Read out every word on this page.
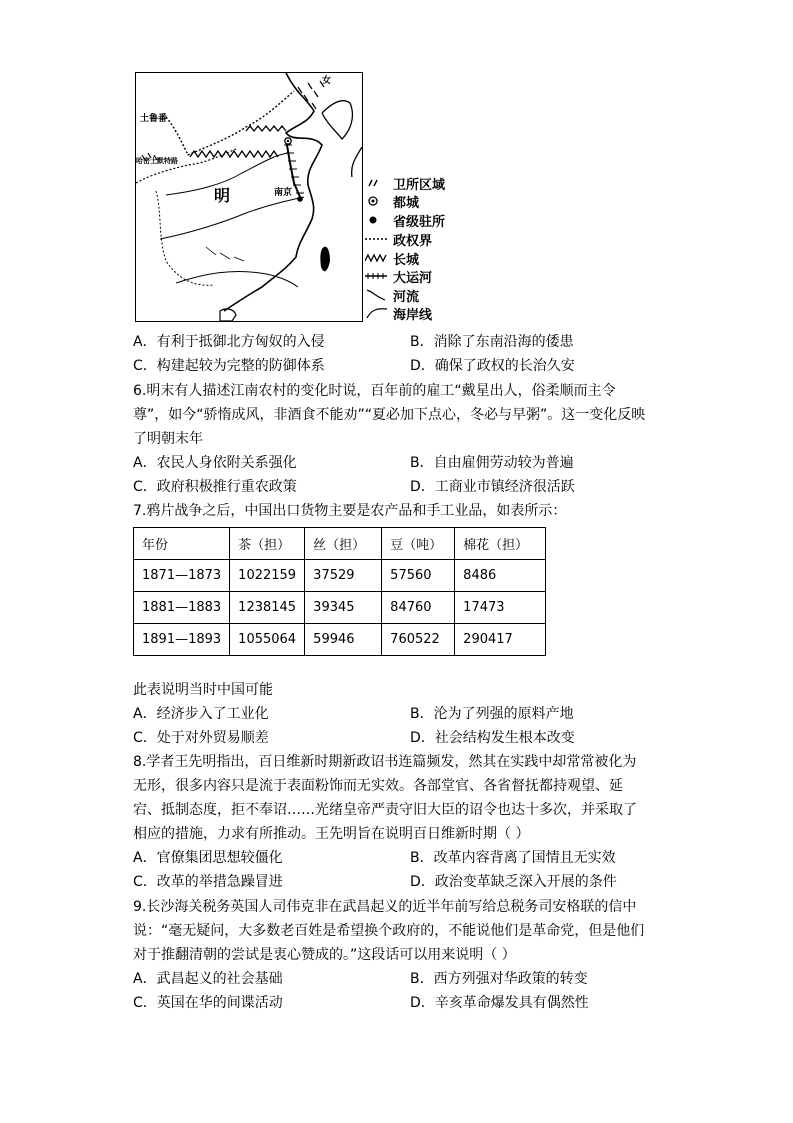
土鲁番
哈密土默特路
明	南京
女
卫所区域
都城
省级驻所
政权界
长城
大运河
河流
海岸线
A．有利于抵御北方匈奴的入侵	B．消除了东南沿海的倭患
C．构建起较为完整的防御体系	D．确保了政权的长治久安
6.明末有人描述江南农村的变化时说，百年前的雇工“戴星出人，俗柔顺而主令
尊”，如今“骄惰成风，非酒食不能劝”“夏必加下点心，冬必与早粥”。这一变化反映
了明朝末年
A．农民人身依附关系强化	B．自由雇佣劳动较为普遍
C．政府积极推行重农政策	D．工商业市镇经济很活跃
7.鸦片战争之后，中国出口货物主要是农产品和手工业品，如表所示：
年份	茶（担）	丝（担）	豆（吨）	棉花（担）
1871—1873	1022159	37529	57560	8486
1881—1883	1238145	39345	84760	17473
1891—1893	1055064	59946	760522	290417
此表说明当时中国可能
A．经济步入了工业化	B．沦为了列强的原料产地
C．处于对外贸易顺差	D．社会结构发生根本改变
8.学者王先明指出，百日维新时期新政诏书连篇频发，然其在实践中却常常被化为
无形，很多内容只是流于表面粉饰而无实效。各部堂官、各省督抚都持观望、延
宕、抵制态度，拒不奉诏……光绪皇帝严责守旧大臣的诏令也达十多次，并采取了
相应的措施，力求有所推动。王先明旨在说明百日维新时期（ ）
A．官僚集团思想较僵化	B．改革内容背离了国情且无实效
C．改革的举措急躁冒进	D．政治变革缺乏深入开展的条件
9.长沙海关税务英国人司伟克非在武昌起义的近半年前写给总税务司安格联的信中
说：“毫无疑问，大多数老百姓是希望换个政府的，不能说他们是革命党，但是他们
对于推翻清朝的尝试是衷心赞成的。”这段话可以用来说明（ ）
A．武昌起义的社会基础	B．西方列强对华政策的转变
C．英国在华的间谍活动	D．辛亥革命爆发具有偶然性
